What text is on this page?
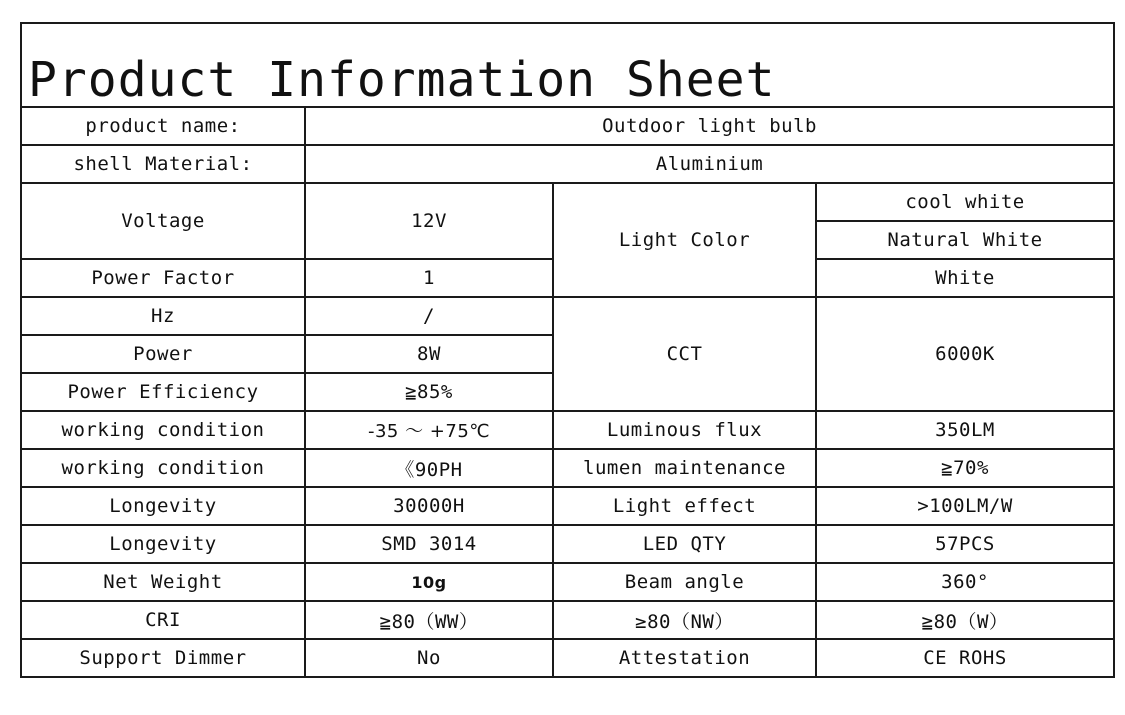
Product Information Sheet			
product name:	Outdoor light bulb		
shell Material:	Aluminium		
Voltage	12V	Light Color	cool white
			Natural White
Power Factor	1		White
Hz	/	CCT	6000K
Power	8W		
Power Efficiency	≧85%		
working condition	-35 ～ +75℃	Luminous flux	350LM
working condition	《90PH	lumen maintenance	≧70%
Longevity	30000H	Light effect	>100LM/W
Longevity	SMD 3014	LED QTY	57PCS
Net Weight	10g	Beam angle	360°
CRI	≧80（WW）	≥80（NW）	≧80（W）
Support Dimmer	No	Attestation	CE ROHS
